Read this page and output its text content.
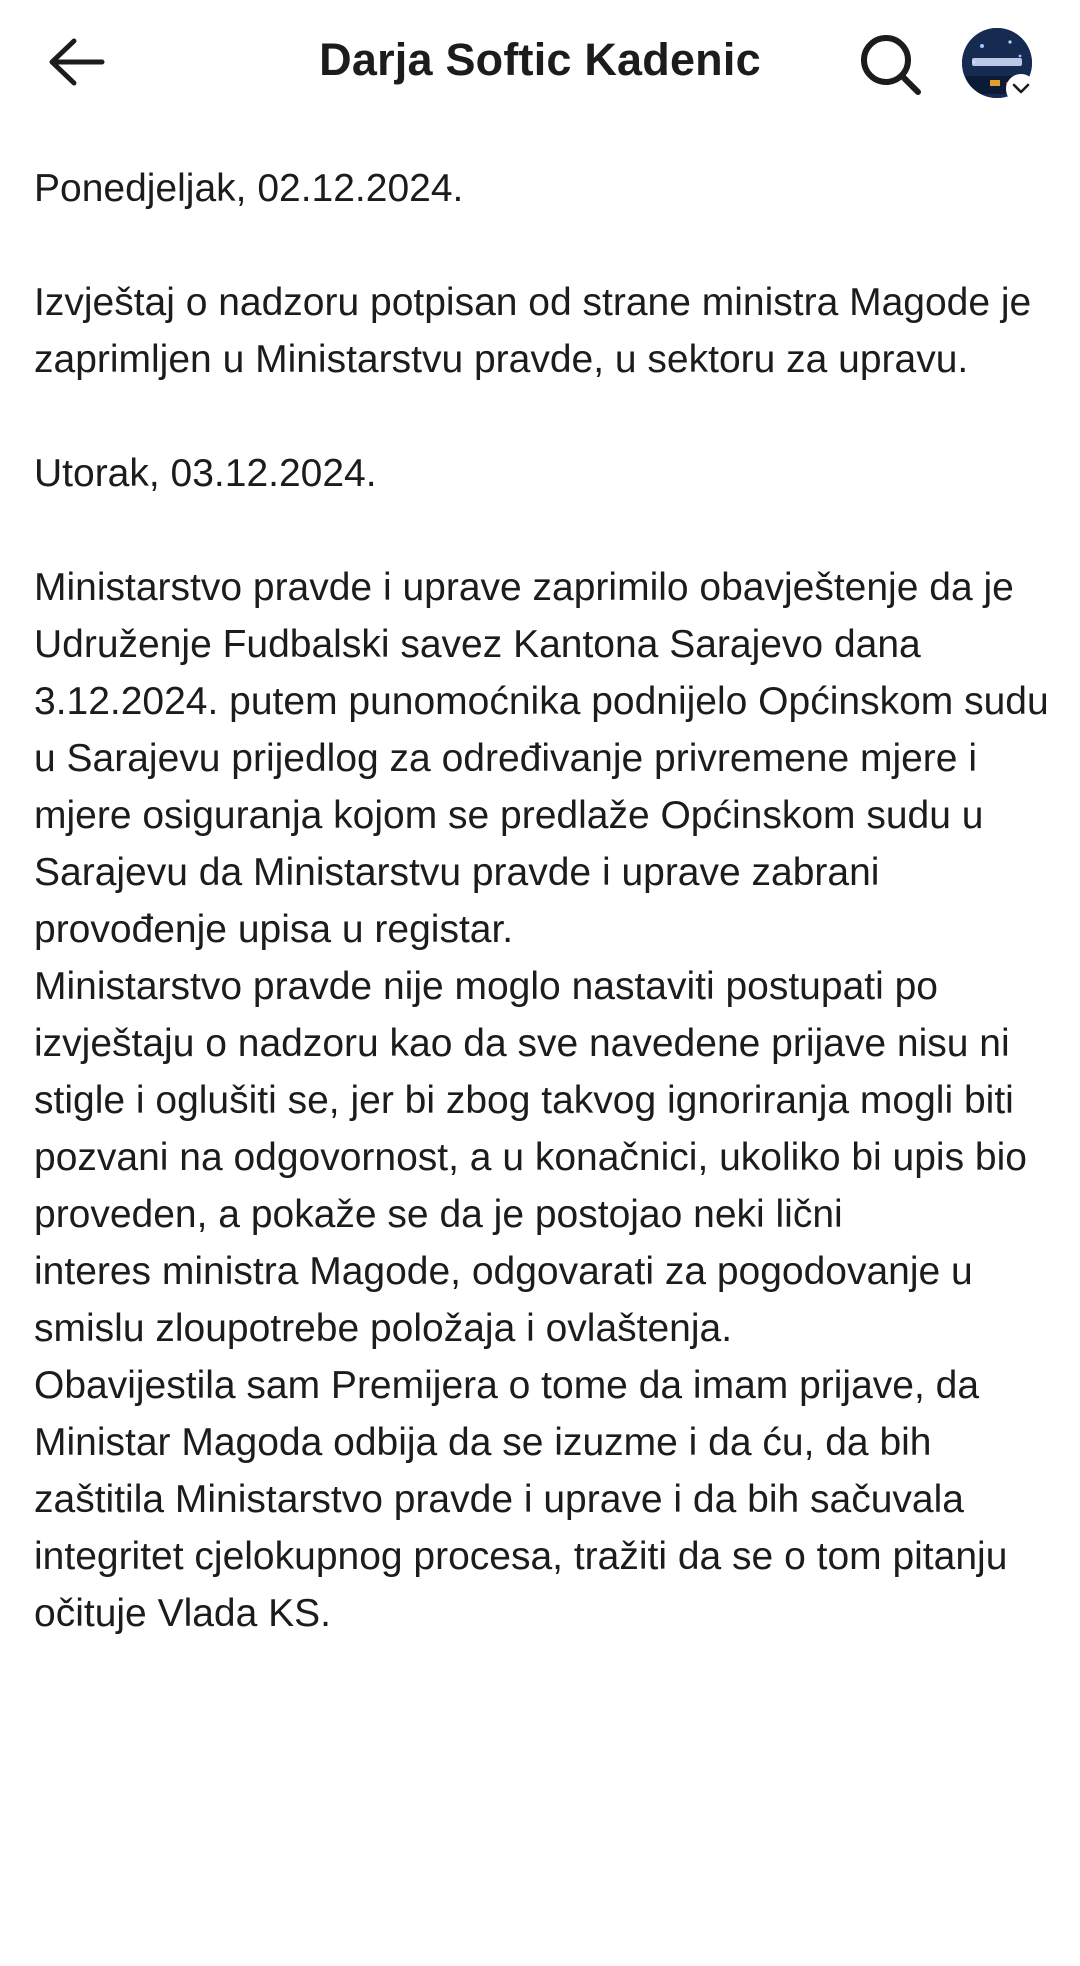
Darja Softic Kadenic
Ponedjeljak, 02.12.2024.

Izvještaj o nadzoru potpisan od strane ministra Magode je zaprimljen u Ministarstvu pravde, u sektoru za upravu.

Utorak, 03.12.2024.

Ministarstvo pravde i uprave zaprimilo obavještenje da je Udruženje Fudbalski savez Kantona Sarajevo dana 3.12.2024. putem punomoćnika podnijelo Općinskom sudu u Sarajevu prijedlog za određivanje privremene mjere i mjere osiguranja kojom se predlaže Općinskom sudu u Sarajevu da Ministarstvu pravde i uprave zabrani provođenje upisa u registar.
Ministarstvo pravde nije moglo nastaviti postupati po izvještaju o nadzoru kao da sve navedene prijave nisu ni stigle i oglušiti se, jer bi zbog takvog ignoriranja mogli biti pozvani na odgovornost, a u konačnici, ukoliko bi upis bio proveden, a pokaže se da je postojao neki lični
interes ministra Magode, odgovarati za pogodovanje u smislu zloupotrebe položaja i ovlaštenja.
Obavijestila sam Premijera o tome da imam prijave, da Ministar Magoda odbija da se izuzme i da ću, da bih zaštitila Ministarstvo pravde i uprave i da bih sačuvala integritet cjelokupnog procesa, tražiti da se o tom pitanju očituje Vlada KS.
